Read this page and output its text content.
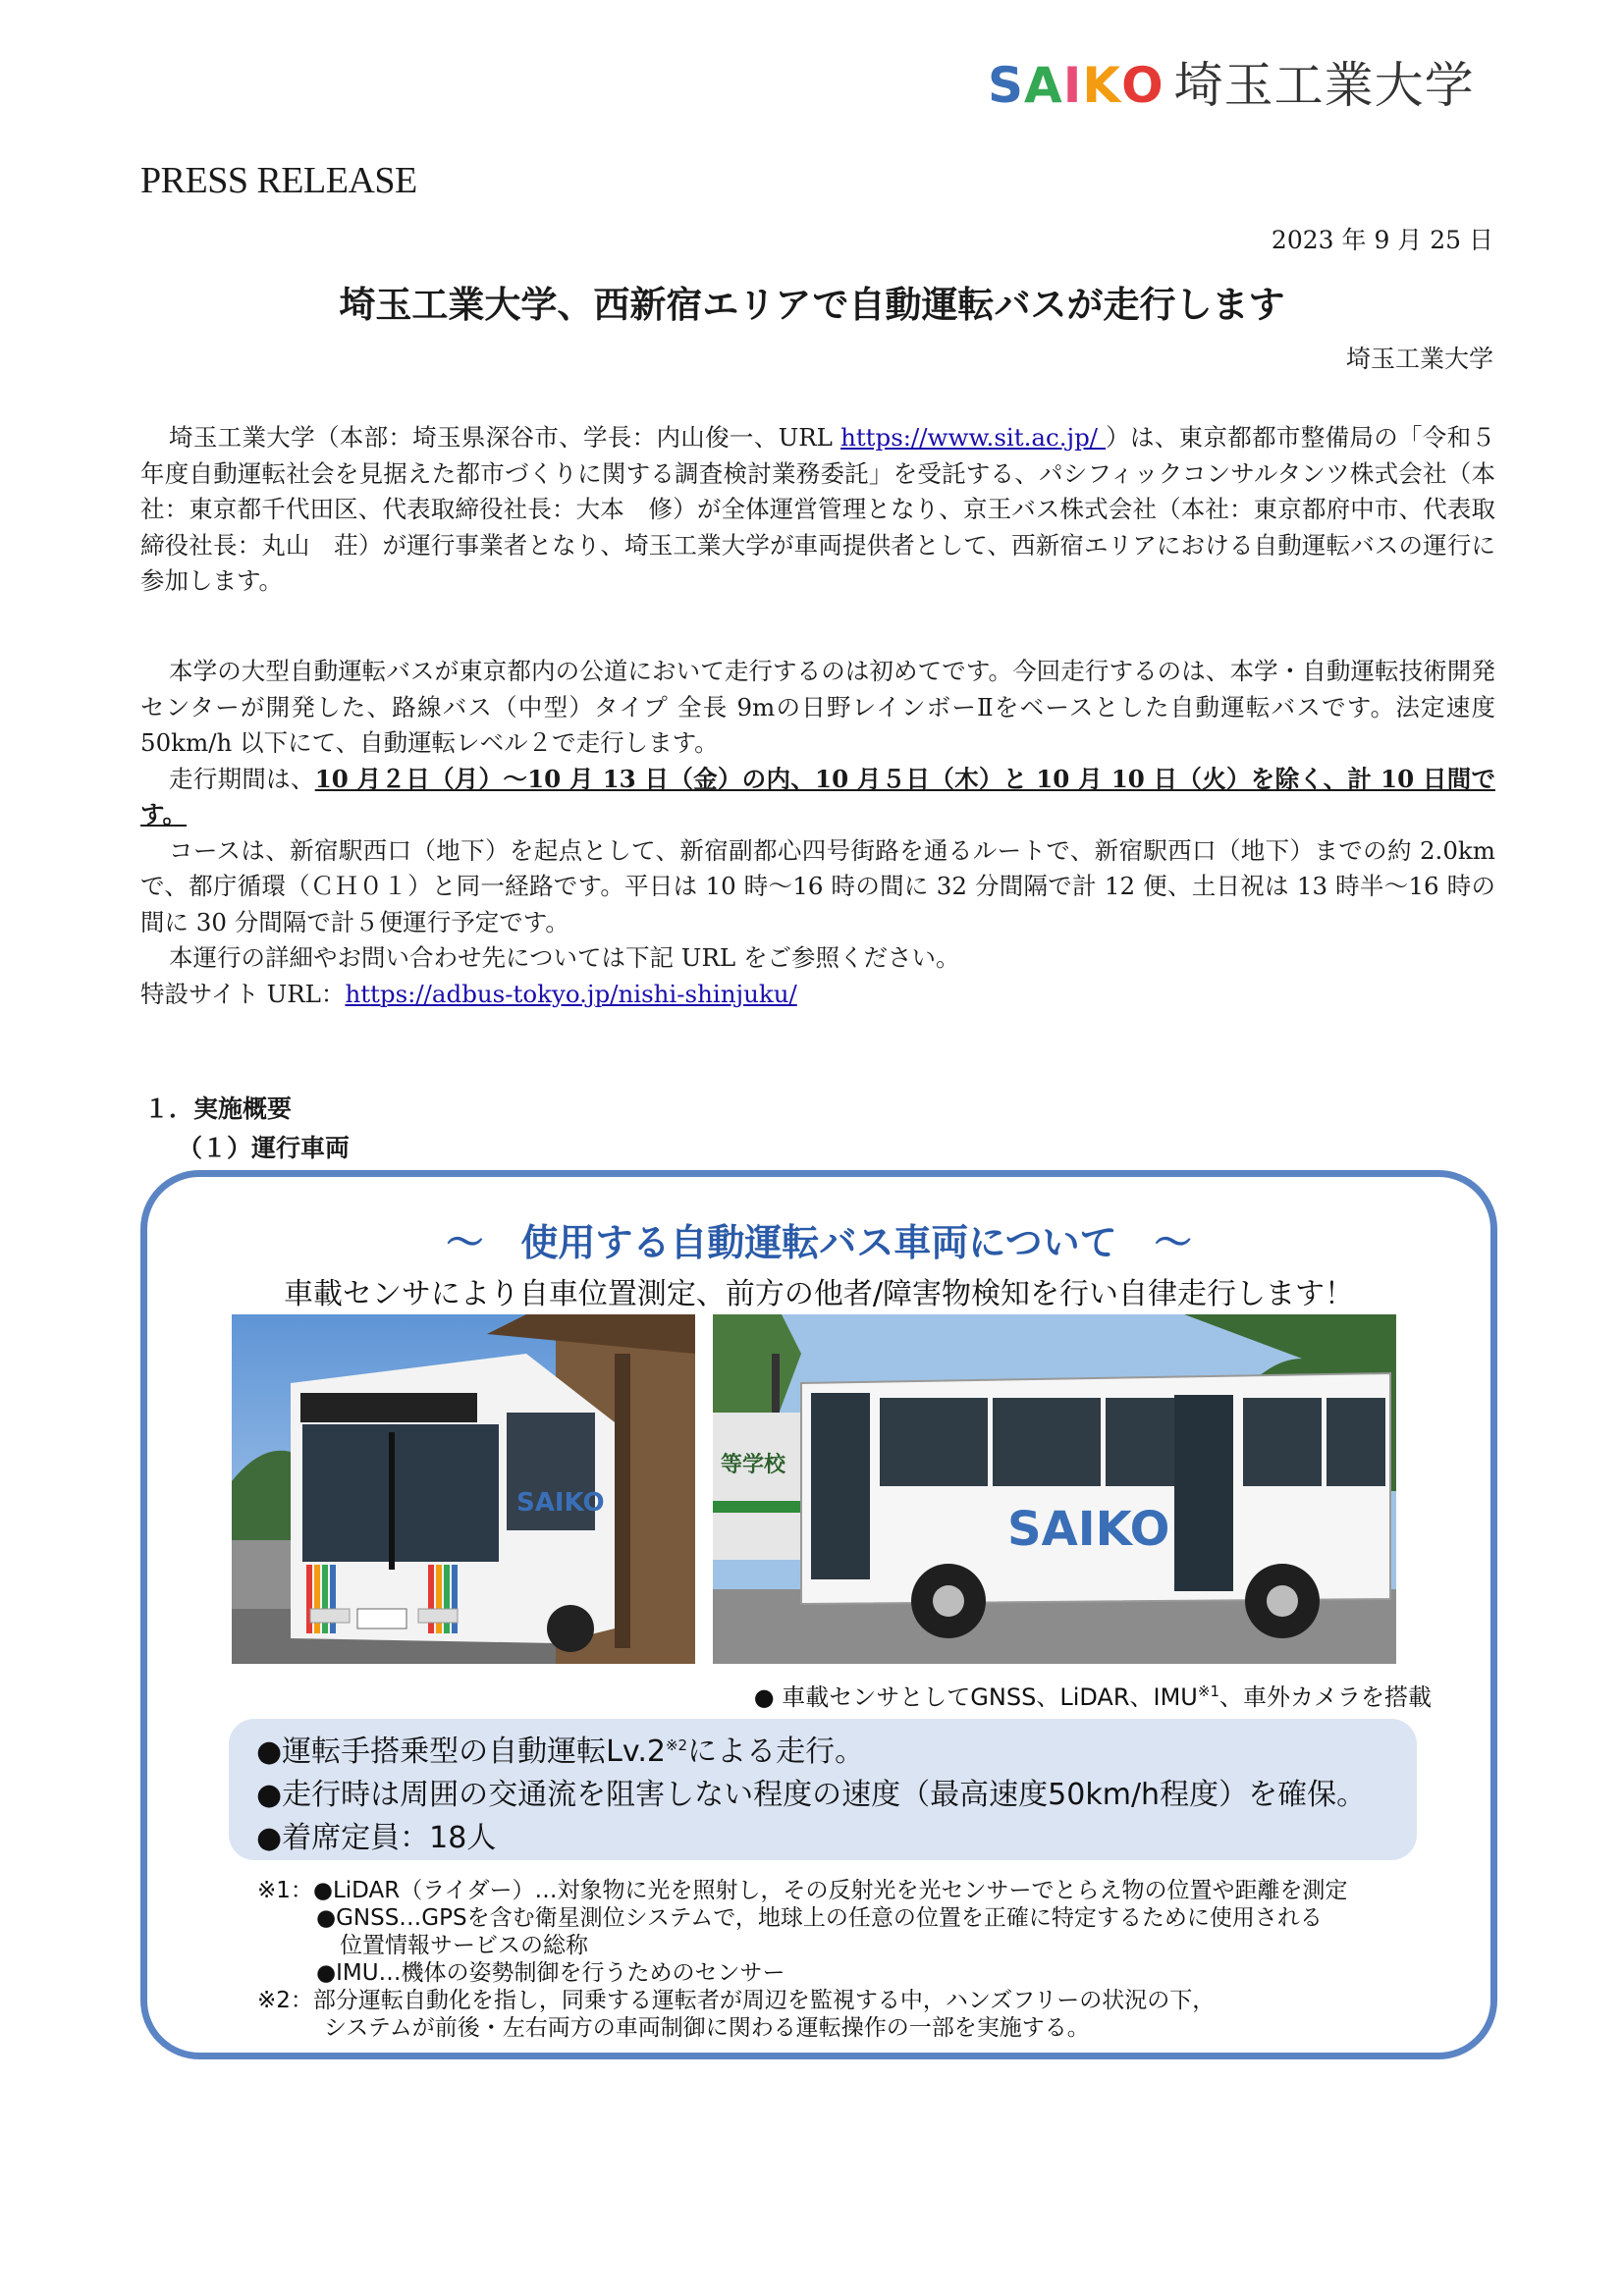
S A I K O 埼玉工業大学
PRESS RELEASE
2023 年 9 月 25 日
埼玉工業大学、西新宿エリアで自動運転バスが走行します
埼玉工業大学

埼玉工業大学（本部：埼玉県深谷市、学長：内山俊一、URL https://www.sit.ac.jp/ ）は、東京都都市整備局の「令和５年度自動運転社会を見据えた都市づくりに関する調査検討業務委託」を受託する、パシフィックコンサルタンツ株式会社（本社：東京都千代田区、代表取締役社長：大本　修）が全体運営管理となり、京王バス株式会社（本社：東京都府中市、代表取締役社長：丸山　荘）が運行事業者となり、埼玉工業大学が車両提供者として、西新宿エリアにおける自動運転バスの運行に参加します。

本学の大型自動運転バスが東京都内の公道において走行するのは初めてです。今回走行するのは、本学・自動運転技術開発センターが開発した、路線バス（中型）タイプ 全長 9mの日野レインボーⅡをベースとした自動運転バスです。法定速度 50km/h 以下にて、自動運転レベル２で走行します。

走行期間は、10 月２日（月）～10 月 13 日（金）の内、10 月５日（木）と 10 月 10 日（火）を除く、計 10 日間です。

コースは、新宿駅西口（地下）を起点として、新宿副都心四号街路を通るルートで、新宿駅西口（地下）までの約 2.0km で、都庁循環（ＣＨ０１）と同一経路です。平日は 10 時～16 時の間に 32 分間隔で計 12 便、土日祝は 13 時半～16 時の間に 30 分間隔で計５便運行予定です。

本運行の詳細やお問い合わせ先については下記 URL をご参照ください。

特設サイト URL：https://adbus-tokyo.jp/nishi-shinjuku/
１．実施概要
（１）運行車両
～　使用する自動運転バス車両について　～
車載センサにより自車位置測定、前方の他者/障害物検知を行い自律走行します！
SAIKO
等学校
SAIKO
● 車載センサとしてGNSS、LiDAR、IMU$^{※1}$、車外カメラを搭載
●運転手搭乗型の自動運転Lv.2$^{※2}$による走行。
●走行時は周囲の交通流を阻害しない程度の速度（最高速度50km/h程度）を確保。
●着席定員：18人
※1：●LiDAR（ライダー）…対象物に光を照射し，その反射光を光センサーでとらえ物の位置や距離を測定
●GNSS…GPSを含む衛星測位システムで，地球上の任意の位置を正確に特定するために使用される
位置情報サービスの総称
●IMU…機体の姿勢制御を行うためのセンサー
※2：部分運転自動化を指し，同乗する運転者が周辺を監視する中，ハンズフリーの状況の下，
システムが前後・左右両方の車両制御に関わる運転操作の一部を実施する。
